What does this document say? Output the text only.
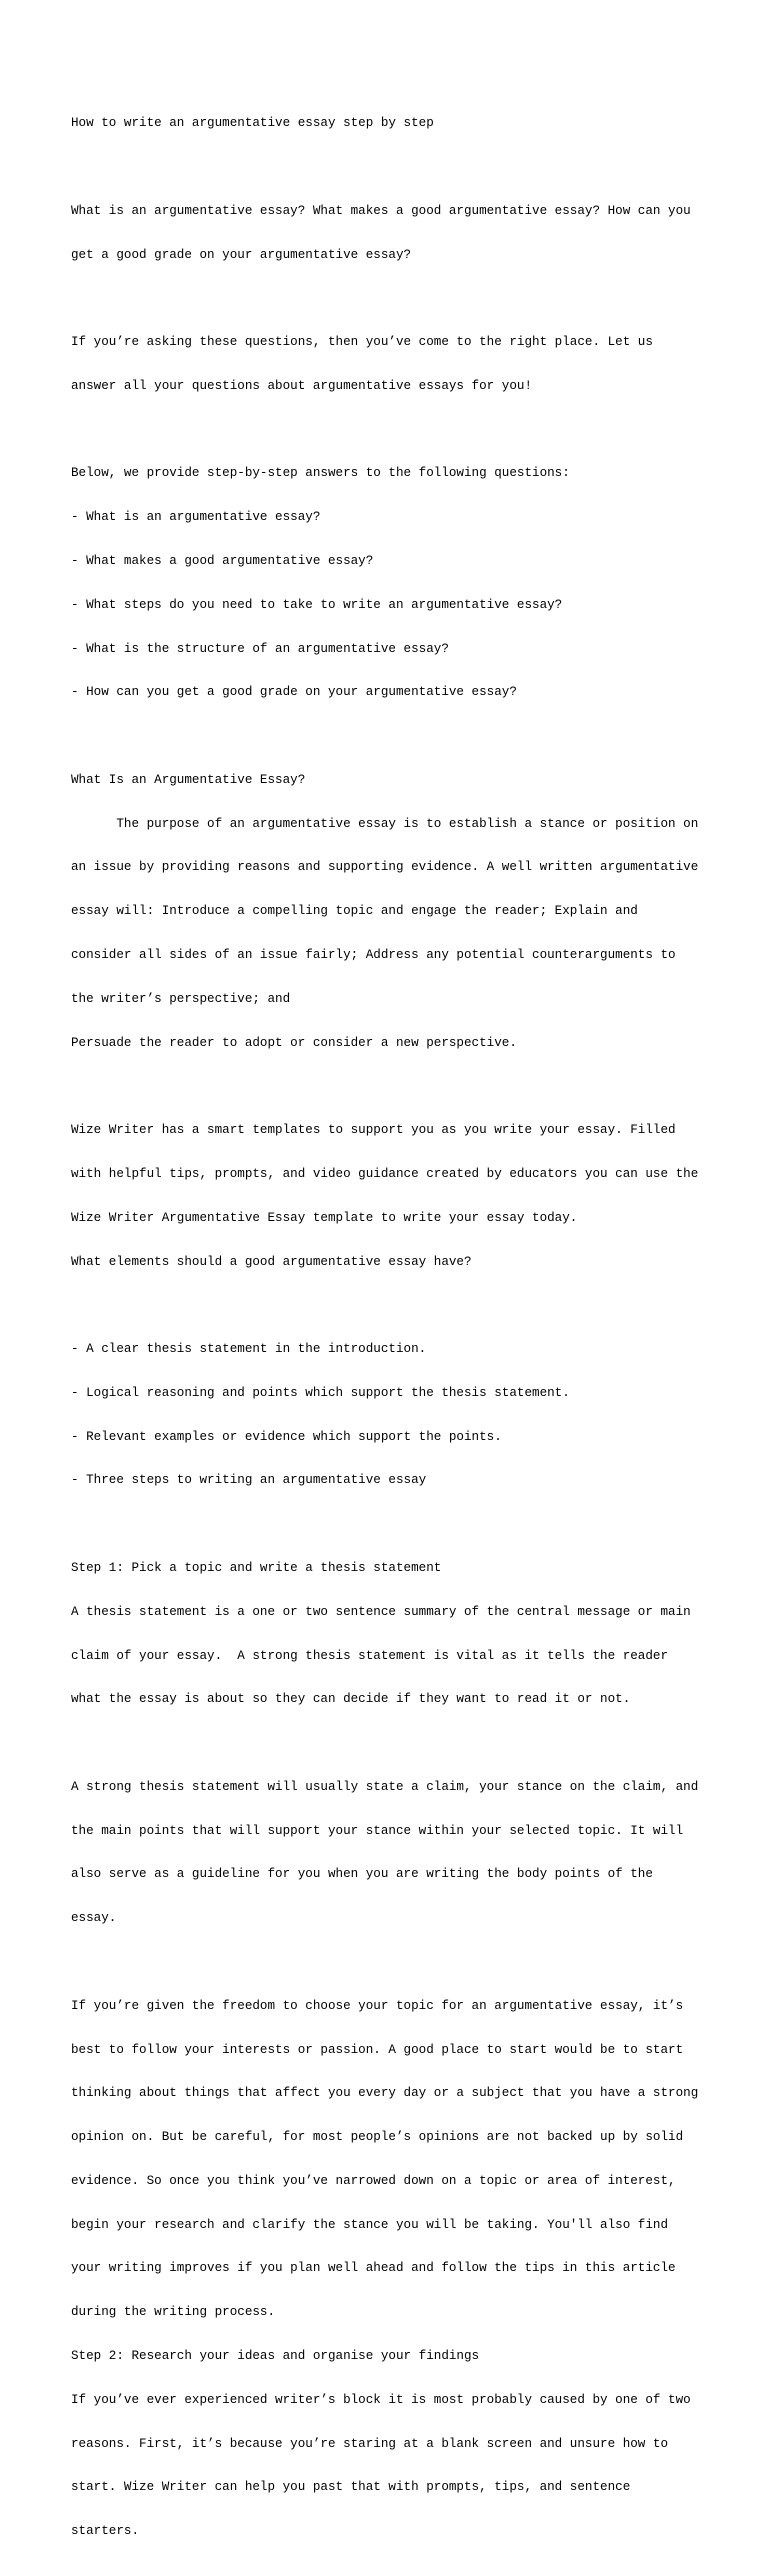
How to write an argumentative essay step by step

What is an argumentative essay? What makes a good argumentative essay? How can you

get a good grade on your argumentative essay?

If you’re asking these questions, then you’ve come to the right place. Let us

answer all your questions about argumentative essays for you!

Below, we provide step-by-step answers to the following questions:

- What is an argumentative essay?

- What makes a good argumentative essay?

- What steps do you need to take to write an argumentative essay?

- What is the structure of an argumentative essay?

- How can you get a good grade on your argumentative essay?

What Is an Argumentative Essay?

The purpose of an argumentative essay is to establish a stance or position on

an issue by providing reasons and supporting evidence. A well written argumentative

essay will: Introduce a compelling topic and engage the reader; Explain and

consider all sides of an issue fairly; Address any potential counterarguments to

the writer’s perspective; and

Persuade the reader to adopt or consider a new perspective.

Wize Writer has a smart templates to support you as you write your essay. Filled

with helpful tips, prompts, and video guidance created by educators you can use the

Wize Writer Argumentative Essay template to write your essay today.

What elements should a good argumentative essay have?

- A clear thesis statement in the introduction.

- Logical reasoning and points which support the thesis statement.

- Relevant examples or evidence which support the points.

- Three steps to writing an argumentative essay

Step 1: Pick a topic and write a thesis statement

A thesis statement is a one or two sentence summary of the central message or main

claim of your essay.  A strong thesis statement is vital as it tells the reader

what the essay is about so they can decide if they want to read it or not.

A strong thesis statement will usually state a claim, your stance on the claim, and

the main points that will support your stance within your selected topic. It will

also serve as a guideline for you when you are writing the body points of the

essay.

If you’re given the freedom to choose your topic for an argumentative essay, it’s

best to follow your interests or passion. A good place to start would be to start

thinking about things that affect you every day or a subject that you have a strong

opinion on. But be careful, for most people’s opinions are not backed up by solid

evidence. So once you think you’ve narrowed down on a topic or area of interest,

begin your research and clarify the stance you will be taking. You'll also find

your writing improves if you plan well ahead and follow the tips in this article

during the writing process.

Step 2: Research your ideas and organise your findings

If you’ve ever experienced writer’s block it is most probably caused by one of two

reasons. First, it’s because you’re staring at a blank screen and unsure how to

start. Wize Writer can help you past that with prompts, tips, and sentence

starters.
